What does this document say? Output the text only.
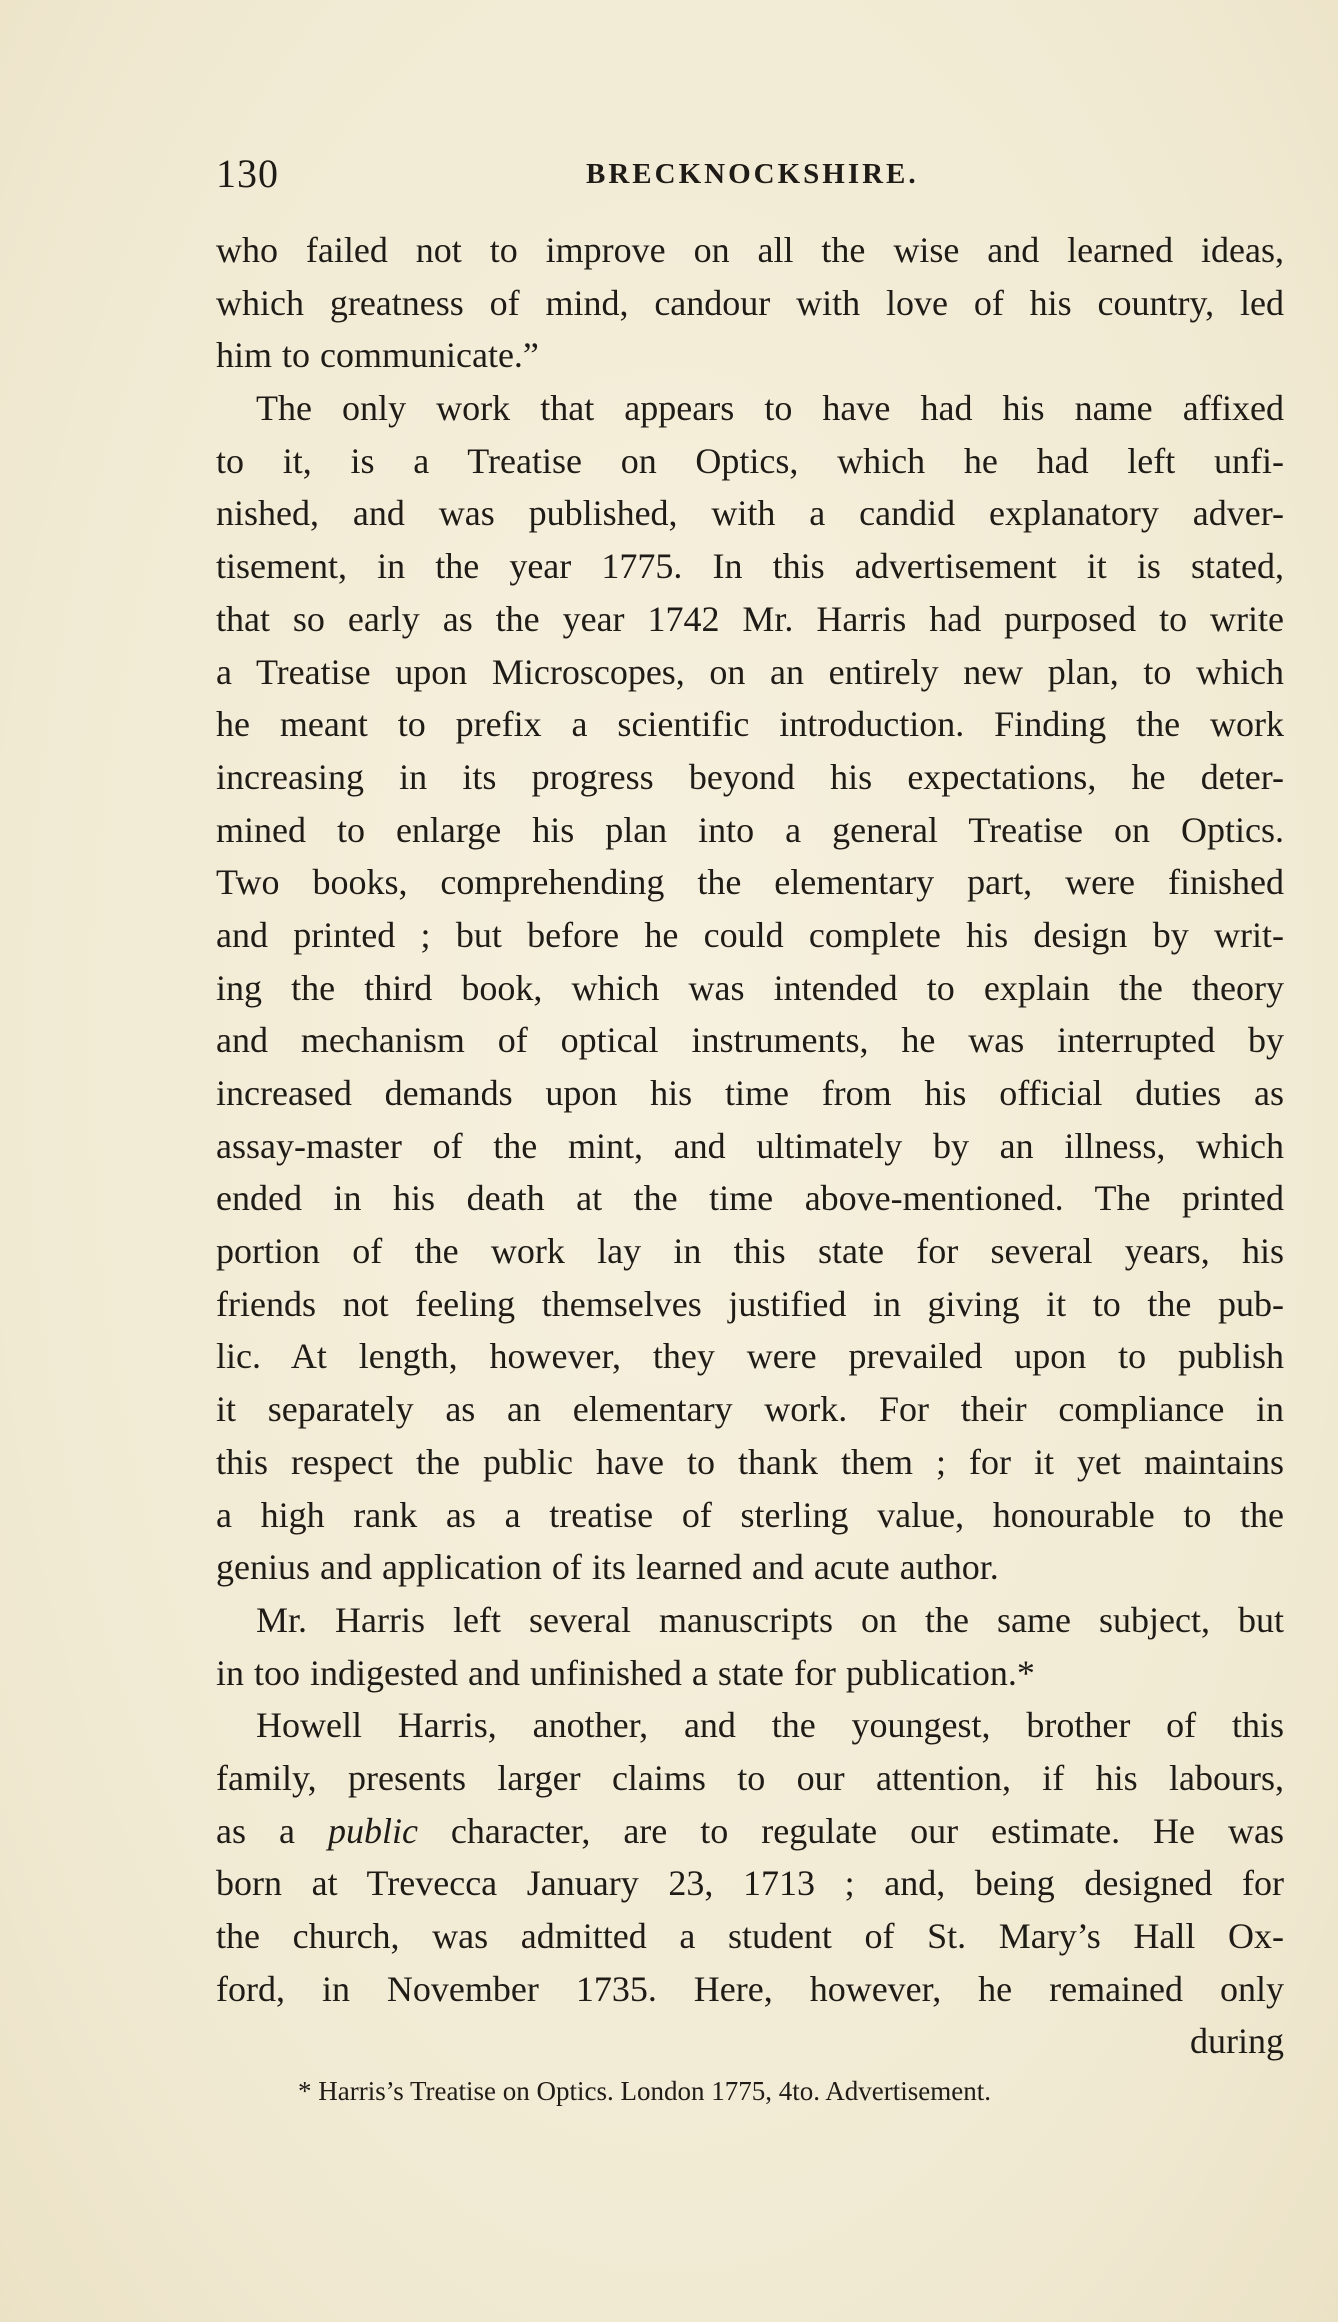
130	BRECKNOCKSHIRE.
who failed not to improve on all the wise and learned ideas,
which greatness of mind, candour with love of his country, led
him to communicate.”
The only work that appears to have had his name affixed
to it, is a Treatise on Optics, which he had left unfi-
nished, and was published, with a candid explanatory adver-
tisement, in the year 1775. In this advertisement it is stated,
that so early as the year 1742 Mr. Harris had purposed to write
a Treatise upon Microscopes, on an entirely new plan, to which
he meant to prefix a scientific introduction. Finding the work
increasing in its progress beyond his expectations, he deter-
mined to enlarge his plan into a general Treatise on Optics.
Two books, comprehending the elementary part, were finished
and printed ; but before he could complete his design by writ-
ing the third book, which was intended to explain the theory
and mechanism of optical instruments, he was interrupted by
increased demands upon his time from his official duties as
assay-master of the mint, and ultimately by an illness, which
ended in his death at the time above-mentioned. The printed
portion of the work lay in this state for several years, his
friends not feeling themselves justified in giving it to the pub-
lic. At length, however, they were prevailed upon to publish
it separately as an elementary work. For their compliance in
this respect the public have to thank them ; for it yet maintains
a high rank as a treatise of sterling value, honourable to the
genius and application of its learned and acute author.
Mr. Harris left several manuscripts on the same subject, but
in too indigested and unfinished a state for publication.*
Howell Harris, another, and the youngest, brother of this
family, presents larger claims to our attention, if his labours,
as a public character, are to regulate our estimate. He was
born at Trevecca January 23, 1713 ; and, being designed for
the church, was admitted a student of St. Mary’s Hall Ox-
ford, in November 1735. Here, however, he remained only
during
* Harris’s Treatise on Optics. London 1775, 4to. Advertisement.
